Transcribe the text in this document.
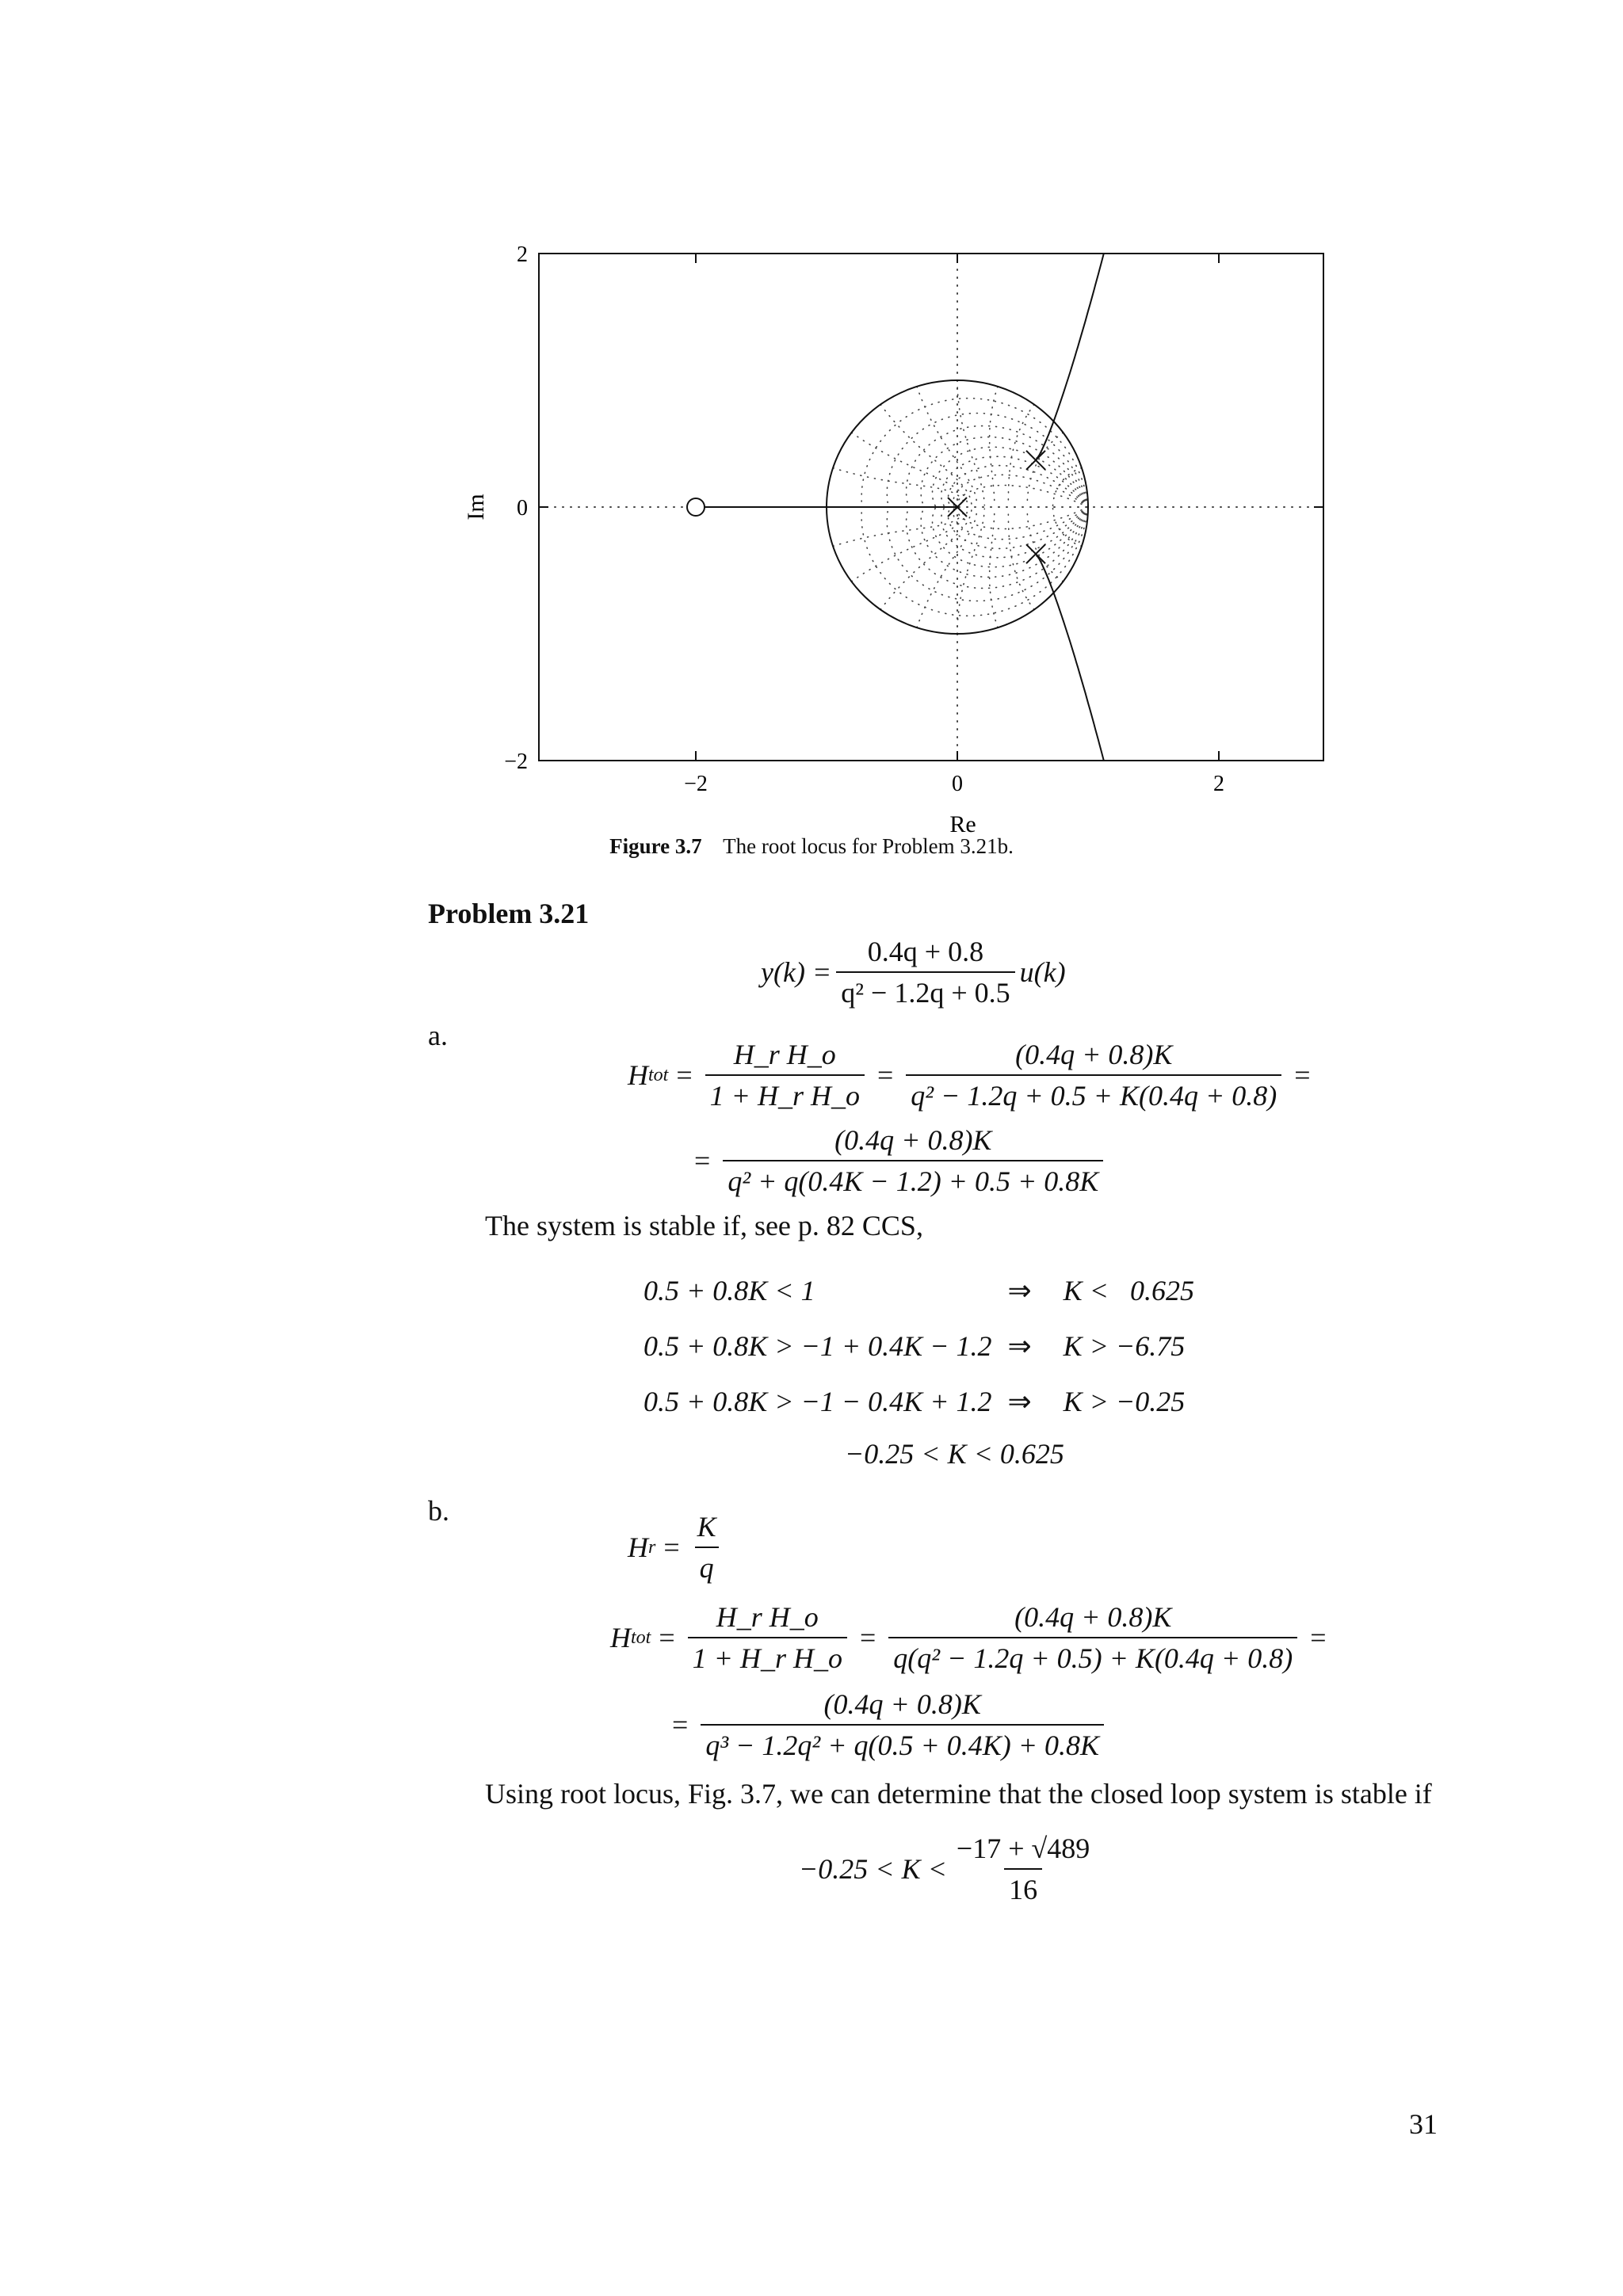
−2	0	2
−2
0
2
Re
Im
Figure 3.7 The root locus for Problem 3.21b.
Problem 3.21
$y(k) = \frac{0.4q + 0.8}{\text{q² − 1.2q + 0.5}} u(k)$
a.
H tot = $\frac{\text{H\_r H\_o}}{\text{1 + H\_r H\_o}} = \frac{(0.4q + 0.8)K}{\text{q² − 1.2q + 0.5 + K(0.4q + 0.8)}}$ =
= $\frac{(0.4q + 0.8)K}{\text{q² + q(0.4K − 1.2) + 0.5 + 0.8K}}$
The system is stable if, see p. 82 CCS,
0.5 + 0.8K < 1	⇒	K <   0.625
0.5 + 0.8K > −1 + 0.4K − 1.2	⇒	K > −6.75
0.5 + 0.8K > −1 − 0.4K + 1.2	⇒	K > −0.25
−0.25 < K < 0.625
b.
H $r = \frac{K}{q}$
H tot = $\frac{\text{H\_r H\_o}}{\text{1 + H\_r H\_o}} = \frac{(0.4q + 0.8)K}{\text{q(q² − 1.2q + 0.5) + K(0.4q + 0.8)}}$ =
= $\frac{(0.4q + 0.8)K}{\text{q³ − 1.2q² + q(0.5 + 0.4K) + 0.8K}}$
Using root locus, Fig. 3.7, we can determine that the closed loop system is stable if
$-0.25 < K < \frac{-17 + √489}{16}$
31
